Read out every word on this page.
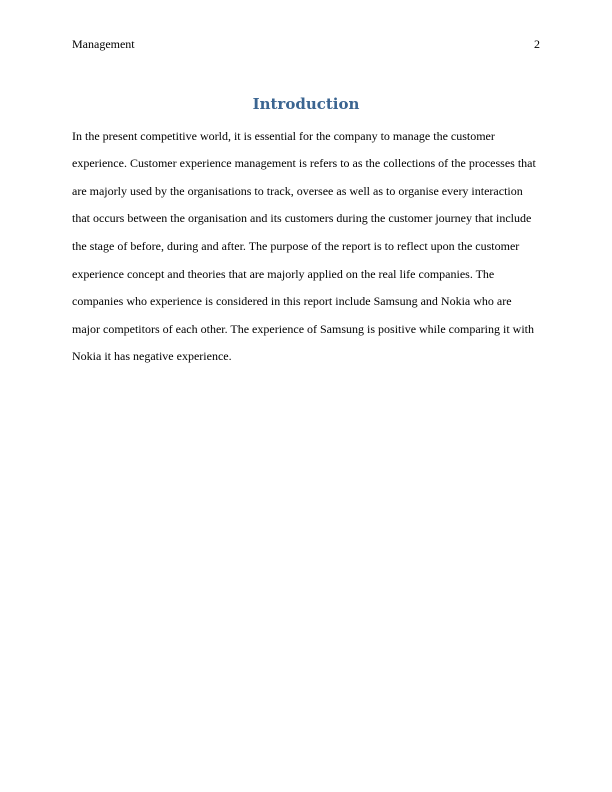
Management	2
Introduction
In the present competitive world, it is essential for the company to manage the customer
experience. Customer experience management is refers to as the collections of the processes that
are majorly used by the organisations to track, oversee as well as to organise every interaction
that occurs between the organisation and its customers during the customer journey that include
the stage of before, during and after. The purpose of the report is to reflect upon the customer
experience concept and theories that are majorly applied on the real life companies. The
companies who experience is considered in this report include Samsung and Nokia who are
major competitors of each other. The experience of Samsung is positive while comparing it with
Nokia it has negative experience.
